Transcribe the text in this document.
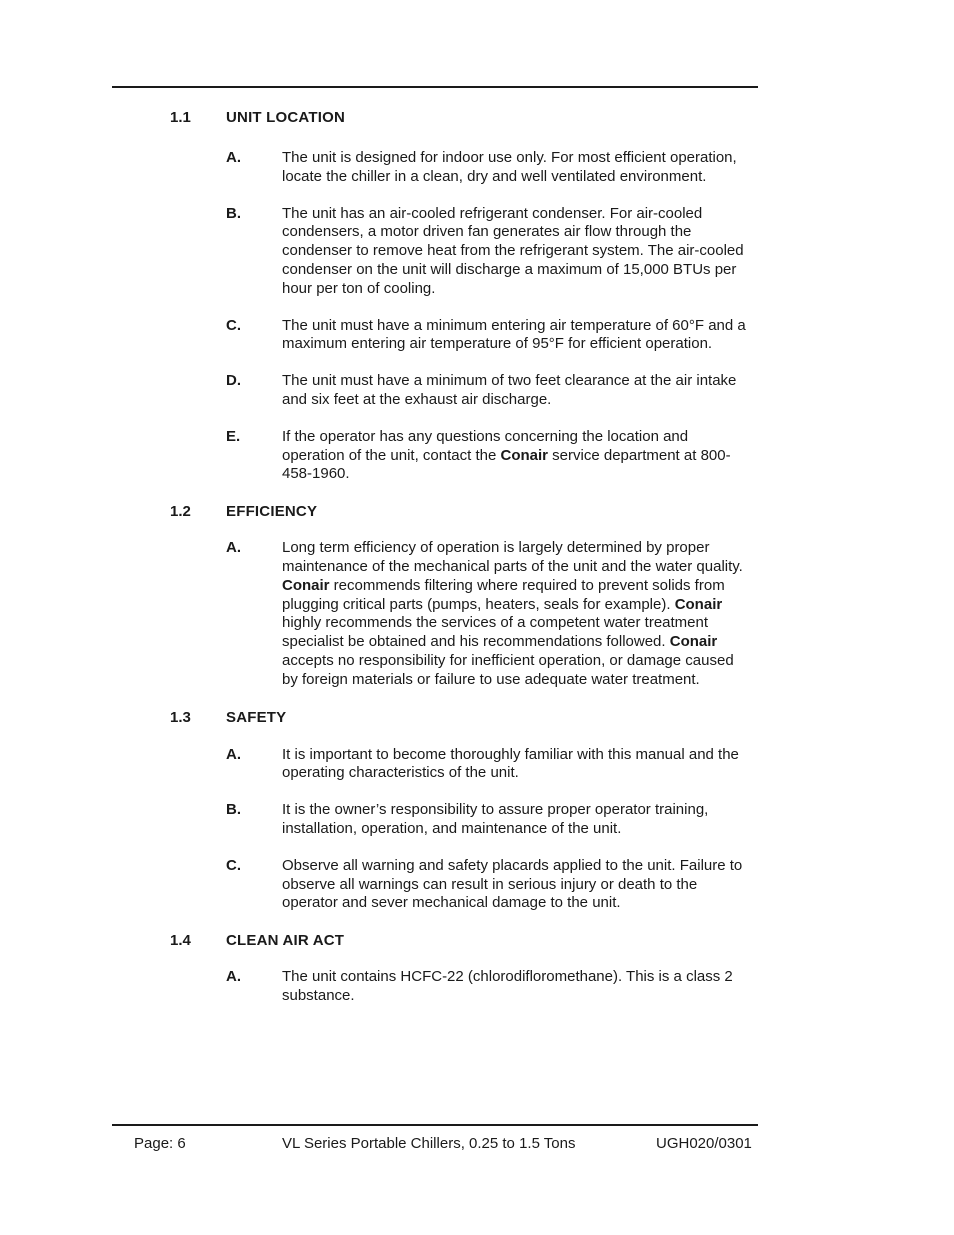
1.1 UNIT LOCATION
A.	The unit is designed for indoor use only. For most efficient operation, locate the chiller in a clean, dry and well ventilated environment.
B.	The unit has an air-cooled refrigerant condenser. For air-cooled condensers, a motor driven fan generates air flow through the condenser to remove heat from the refrigerant system. The air-cooled condenser on the unit will discharge a maximum of 15,000 BTUs per hour per ton of cooling.
C.	The unit must have a minimum entering air temperature of 60°F and a maximum entering air temperature of 95°F for efficient operation.
D.	The unit must have a minimum of two feet clearance at the air intake and six feet at the exhaust air discharge.
E.	If the operator has any questions concerning the location and operation of the unit, contact the Conair service department at 800-458-1960.
1.2 EFFICIENCY
A.	Long term efficiency of operation is largely determined by proper maintenance of the mechanical parts of the unit and the water quality. Conair recommends filtering where required to prevent solids from plugging critical parts (pumps, heaters, seals for example). Conair highly recommends the services of a competent water treatment specialist be obtained and his recommendations followed. Conair accepts no responsibility for inefficient operation, or damage caused by foreign materials or failure to use adequate water treatment.
1.3 SAFETY
A.	It is important to become thoroughly familiar with this manual and the operating characteristics of the unit.
B.	It is the owner’s responsibility to assure proper operator training, installation, operation, and maintenance of the unit.
C.	Observe all warning and safety placards applied to the unit. Failure to observe all warnings can result in serious injury or death to the operator and sever mechanical damage to the unit.
1.4 CLEAN AIR ACT
A.	The unit contains HCFC-22 (chlorodifloromethane). This is a class 2 substance.
Page: 6	VL Series Portable Chillers, 0.25 to 1.5 Tons	UGH020/0301
